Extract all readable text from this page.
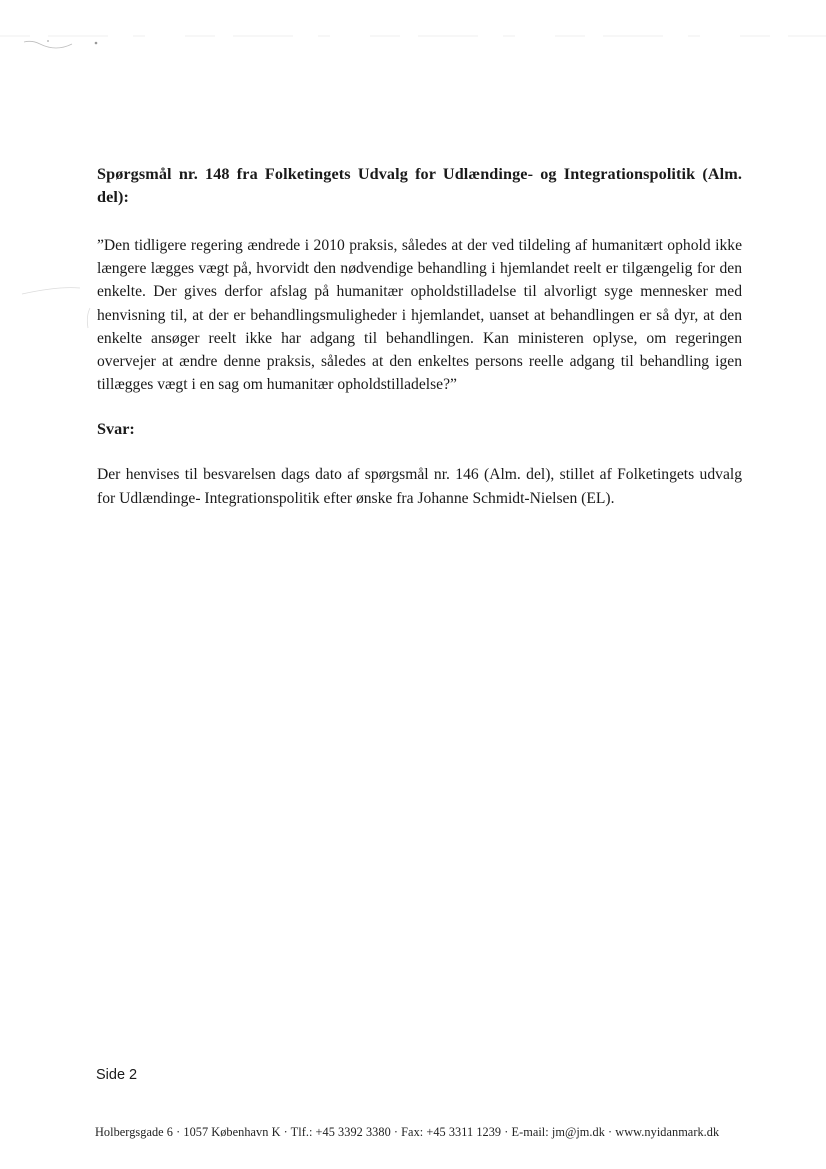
Spørgsmål nr. 148 fra Folketingets Udvalg for Udlændinge- og Integrationspolitik (Alm. del):

”Den tidligere regering ændrede i 2010 praksis, således at der ved tildeling af humanitært ophold ikke længere lægges vægt på, hvorvidt den nødvendige behandling i hjemlandet reelt er tilgængelig for den enkelte. Der gives derfor afslag på humanitær opholdstilladelse til alvorligt syge mennesker med henvisning til, at der er behandlingsmuligheder i hjemlandet, uanset at behandlingen er så dyr, at den enkelte ansøger reelt ikke har adgang til behandlingen. Kan ministeren oplyse, om regeringen overvejer at ændre denne praksis, således at den enkeltes persons reelle adgang til behandling igen tillægges vægt i en sag om humanitær opholdstilladelse?”

Svar:

Der henvises til besvarelsen dags dato af spørgsmål nr. 146 (Alm. del), stillet af Folketingets udvalg for Udlændinge- Integrationspolitik efter ønske fra Johanne Schmidt-Nielsen (EL).

Side 2
Holbergsgade 6 · 1057 København K · Tlf.: +45 3392 3380 · Fax: +45 3311 1239 · E-mail: jm@jm.dk · www.nyidanmark.dk
